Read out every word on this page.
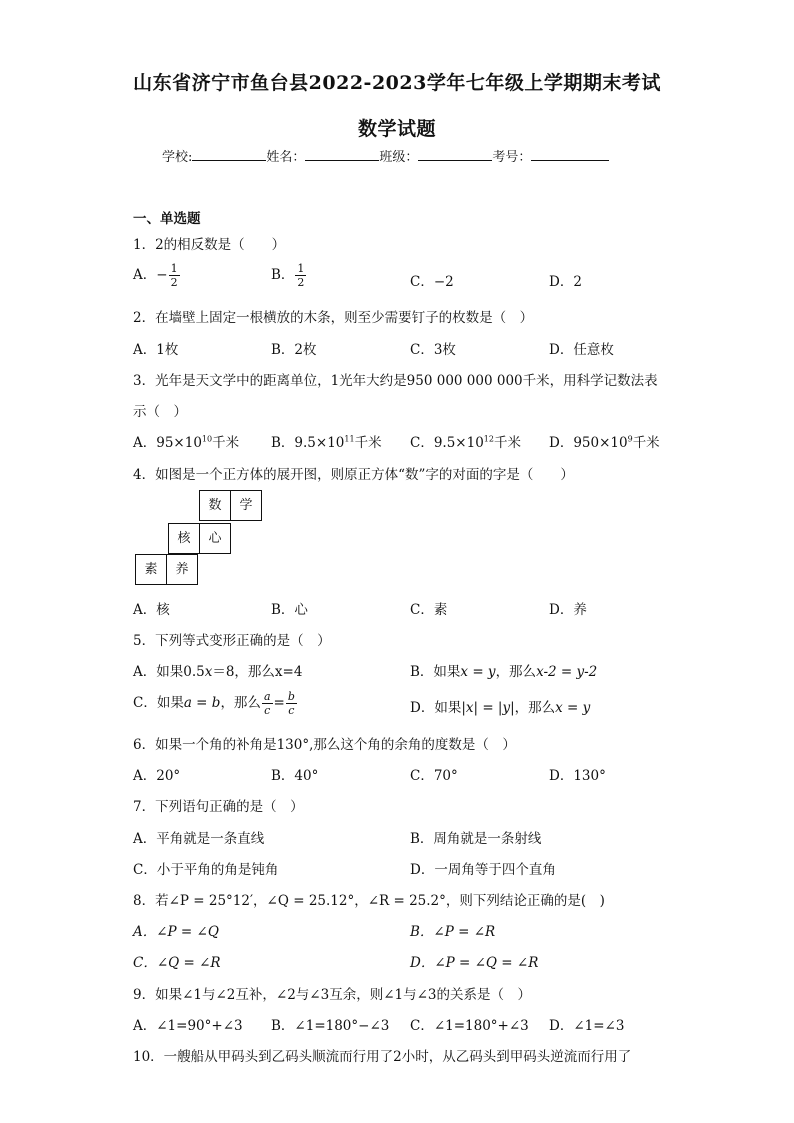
山东省济宁市鱼台县2022-2023学年七年级上学期期末考试
数学试题
学校:	姓名：	班级：	考号：
一、单选题
1．2的相反数是（　　）
A．− $\frac{1}{2}$	B． $\frac{1}{2}$	C．−2	D．2
2．在墙壁上固定一根横放的木条，则至少需要钉子的枚数是（　）
A．1枚	B．2枚	C．3枚	D．任意枚
3．光年是天文学中的距离单位，1光年大约是950 000 000 000千米，用科学记数法表
示（　）
A．$95\times 10^{10}$千米 B．$9.5\times 10^{11}$千米 C．$9.5\times 10^{12}$千米 D．$950\times 10^9$千米
4．如图是一个正方体的展开图，则原正方体“数”字的对面的字是（　　）
数	学
核	心
素	养
A．核	B．心	C．素	D．养
5．下列等式变形正确的是（　）
A．如果0.5x＝8，那么x=4	B．如果x = y，那么x-2 = y-2
C．如果a = b，那么 $\frac{a}{c} = \frac{b}{c}$	D．如果|x| = |y|，那么x = y
6．如果一个角的补角是130°,那么这个角的余角的度数是（　）
A．20°	B．40°	C．70°	D．130°
7．下列语句正确的是（　）
A．平角就是一条直线	B．周角就是一条射线
C．小于平角的角是钝角	D．一周角等于四个直角
8．若∠P = 25°12′，∠Q = 25.12°，∠R = 25.2°，则下列结论正确的是(　)
A．∠P = ∠Q	B．∠P = ∠R
C．∠Q = ∠R	D．∠P = ∠Q = ∠R
9．如果∠1与∠2互补，∠2与∠3互余，则∠1与∠3的关系是（　）
A．∠1=90°+∠3 B．∠1=180°−∠3 C．∠1=180°+∠3 D．∠1=∠3
10．一艘船从甲码头到乙码头顺流而行用了2小时，从乙码头到甲码头逆流而行用了
